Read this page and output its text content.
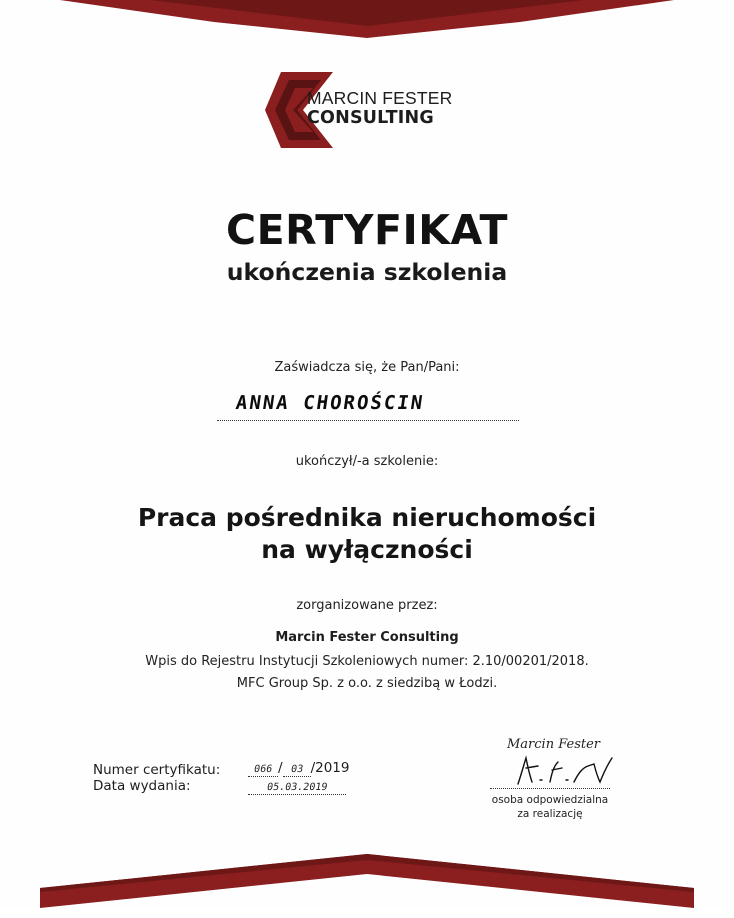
MARCIN FESTER
CONSULTING
CERTYFIKAT
ukończenia szkolenia
Zaświadcza się, że Pan/Pani:
ANNA CHOROŚCIN
ukończył/-a szkolenie:
Praca pośrednika nieruchomości
na wyłączności
zorganizowane przez:
Marcin Fester Consulting
Wpis do Rejestru Instytucji Szkoleniowych numer: 2.10/00201/2018.
MFC Group Sp. z o.o. z siedzibą w Łodzi.
Numer certyfikatu:	066 / 03 /2019
Data wydania:	05.03.2019
Marcin Fester
osoba odpowiedzialna
za realizację
